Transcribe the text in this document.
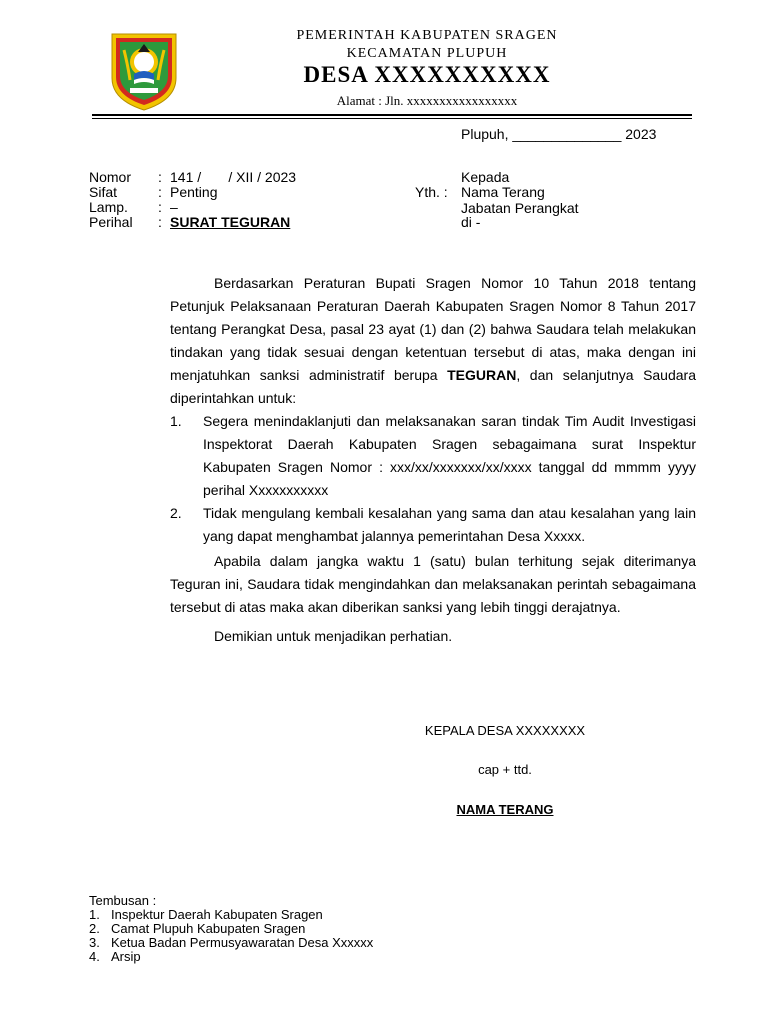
PEMERINTAH KABUPATEN SRAGEN
KECAMATAN PLUPUH
DESA XXXXXXXXXX
Alamat : Jln. xxxxxxxxxxxxxxxxx
Plupuh, ______________ 2023
Nomor : 141 /       / XII / 2023
Sifat	: Penting
Lamp. : –
Perihal : SURAT TEGURAN
Kepada
Yth. : Nama Terang
Jabatan Perangkat
di -

Berdasarkan Peraturan Bupati Sragen Nomor 10 Tahun 2018 tentang Petunjuk Pelaksanaan Peraturan Daerah Kabupaten Sragen Nomor 8 Tahun 2017 tentang Perangkat Desa, pasal 23 ayat (1) dan (2) bahwa Saudara telah melakukan tindakan yang tidak sesuai dengan ketentuan tersebut di atas, maka dengan ini menjatuhkan sanksi administratif berupa TEGURAN, dan selanjutnya Saudara diperintahkan untuk:

1. Segera menindaklanjuti dan melaksanakan saran tindak Tim Audit Investigasi Inspektorat Daerah Kabupaten Sragen sebagaimana surat Inspektur Kabupaten Sragen Nomor : xxx/xx/xxxxxxx/xx/xxxx tanggal dd mmmm yyyy perihal Xxxxxxxxxxx
2. Tidak mengulang kembali kesalahan yang sama dan atau kesalahan yang lain yang dapat menghambat jalannya pemerintahan Desa Xxxxx.

Apabila dalam jangka waktu 1 (satu) bulan terhitung sejak diterimanya Teguran ini, Saudara tidak mengindahkan dan melaksanakan perintah sebagaimana tersebut di atas maka akan diberikan sanksi yang lebih tinggi derajatnya.

Demikian untuk menjadikan perhatian.

KEPALA DESA XXXXXXXX
cap + ttd.
NAMA TERANG
Tembusan :
1. Inspektur Daerah Kabupaten Sragen
2. Camat Plupuh Kabupaten Sragen
3. Ketua Badan Permusyawaratan Desa Xxxxxx
4. Arsip
